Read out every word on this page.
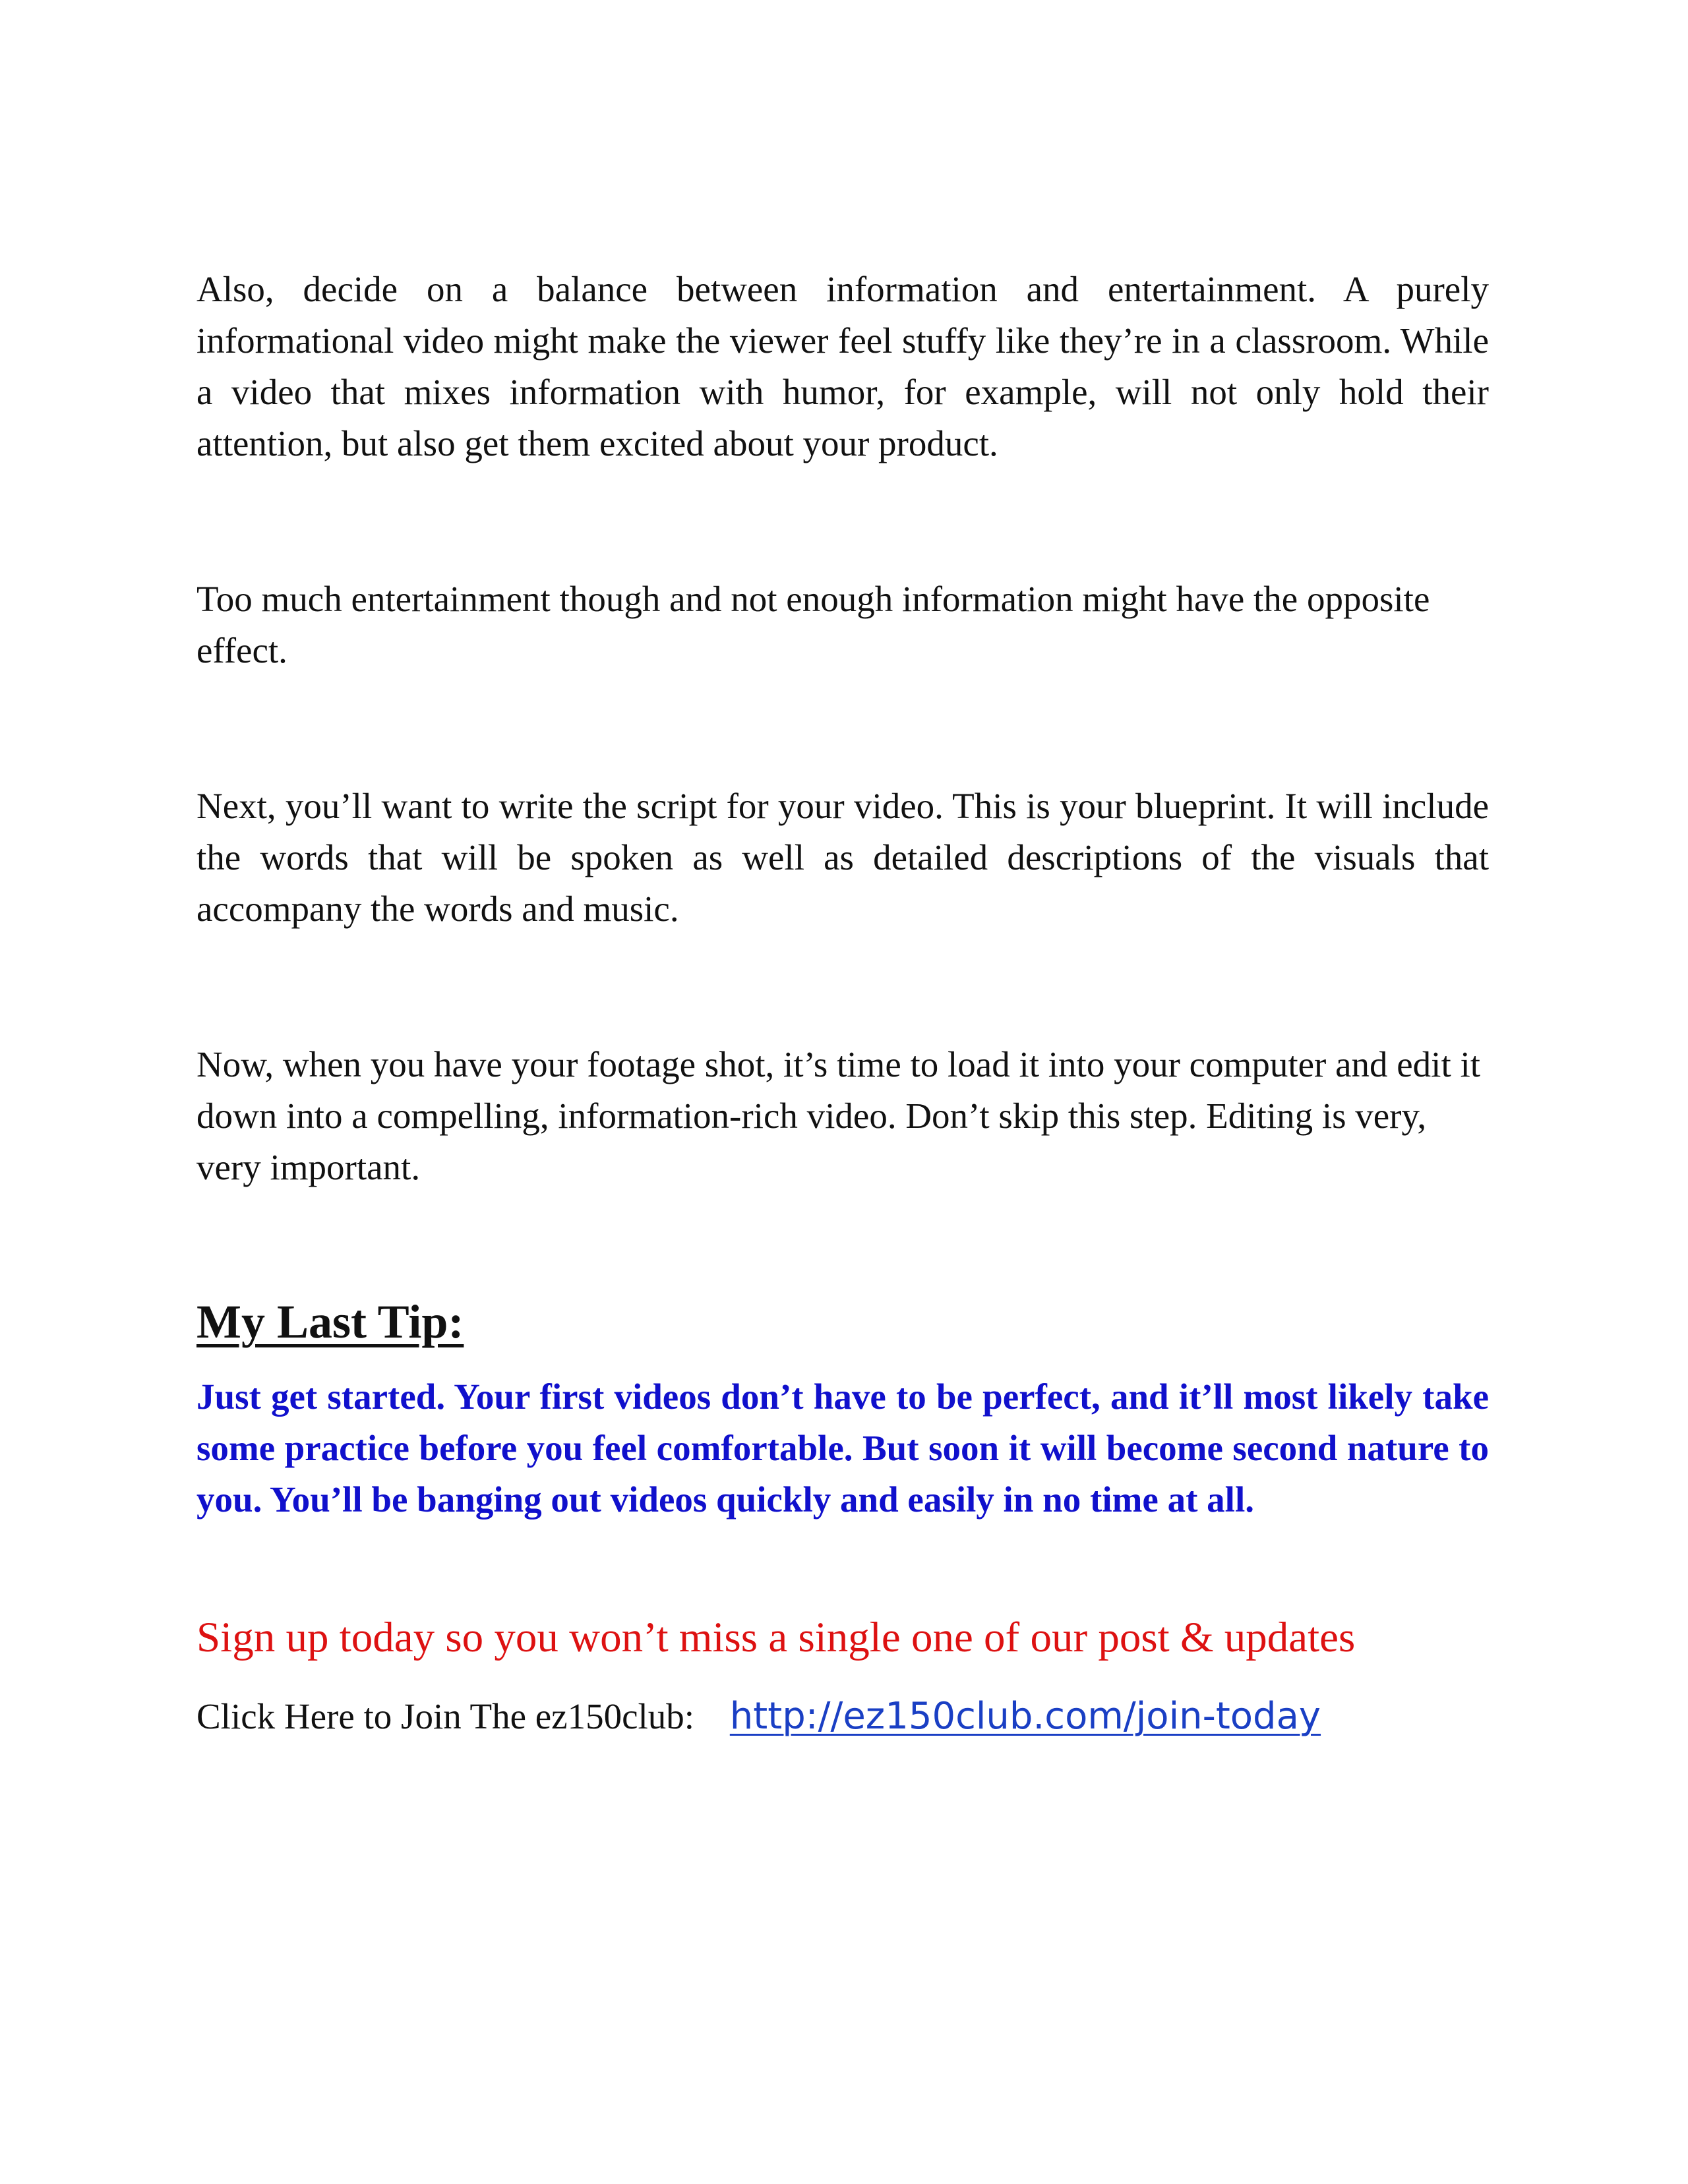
Also, decide on a balance between information and entertainment. A purely informational video might make the viewer feel stuffy like they’re in a classroom. While a video that mixes information with humor, for example, will not only hold their attention, but also get them excited about your product.

Too much entertainment though and not enough information might have the opposite effect.

Next, you’ll want to write the script for your video. This is your blueprint. It will include the words that will be spoken as well as detailed descriptions of the visuals that accompany the words and music.

Now, when you have your footage shot, it’s time to load it into your computer and edit it down into a compelling, information-rich video. Don’t skip this step. Editing is very, very important.

My Last Tip:

Just get started. Your first videos don’t have to be perfect, and it’ll most likely take some practice before you feel comfortable. But soon it will become second nature to you. You’ll be banging out videos quickly and easily in no time at all.

Sign up today so you won’t miss a single one of our post & updates

Click Here to Join The ez150club: http://ez150club.com/join-today
